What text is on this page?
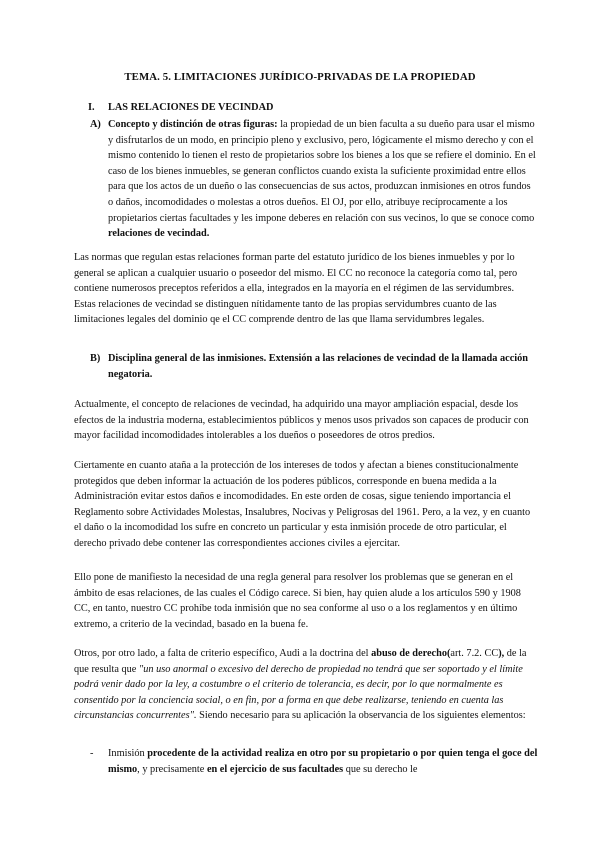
TEMA. 5. LIMITACIONES JURÍDICO-PRIVADAS DE LA PROPIEDAD
I. LAS RELACIONES DE VECINDAD
A) Concepto y distinción de otras figuras: la propiedad de un bien faculta a su dueño para usar el mismo y disfrutarlos de un modo, en principio pleno y exclusivo, pero, lógicamente el mismo derecho y con el mismo contenido lo tienen el resto de propietarios sobre los bienes a los que se refiere el dominio. En el caso de los bienes inmuebles, se generan conflictos cuando exista la suficiente proximidad entre ellos para que los actos de un dueño o las consecuencias de sus actos, produzcan inmisiones en otros fundos o daños, incomodidades o molestas a otros dueños. El OJ, por ello, atribuye recíprocamente a los propietarios ciertas facultades y les impone deberes en relación con sus vecinos, lo que se conoce como relaciones de vecindad.

Las normas que regulan estas relaciones forman parte del estatuto jurídico de los bienes inmuebles y por lo general se aplican a cualquier usuario o poseedor del mismo. El CC no reconoce la categoría como tal, pero contiene numerosos preceptos referidos a ella, integrados en la mayoría en el régimen de las servidumbres. Estas relaciones de vecindad se distinguen nítidamente tanto de las propias servidumbres cuanto de las limitaciones legales del dominio qe el CC comprende dentro de las que llama servidumbres legales.

B) Disciplina general de las inmisiones. Extensión a las relaciones de vecindad de la llamada acción negatoria.

Actualmente, el concepto de relaciones de vecindad, ha adquirido una mayor ampliación espacial, desde los efectos de la industria moderna, establecimientos públicos y menos usos privados son capaces de producir con mayor facilidad incomodidades intolerables a los dueños o poseedores de otros predios.

Ciertamente en cuanto ataña a la protección de los intereses de todos y afectan a bienes constitucionalmente protegidos que deben informar la actuación de los poderes públicos, corresponde en buena medida a la Administración evitar estos daños e incomodidades. En este orden de cosas, sigue teniendo importancia el Reglamento sobre Actividades Molestas, Insalubres, Nocivas y Peligrosas del 1961. Pero, a la vez, y en cuanto el daño o la incomodidad los sufre en concreto un particular y esta inmisión procede de otro particular, el derecho privado debe contener las correspondientes acciones civiles a ejercitar.

Ello pone de manifiesto la necesidad de una regla general para resolver los problemas que se generan en el ámbito de esas relaciones, de las cuales el Código carece. Si bien, hay quien alude a los artículos 590 y 1908 CC, en tanto, nuestro CC prohíbe toda inmisión que no sea conforme al uso o a los reglamentos y en último extremo, a criterio de la vecindad, basado en la buena fe.

Otros, por otro lado, a falta de criterio específico, Audi a la doctrina del abuso de derecho(art. 7.2. CC), de la que resulta que "un uso anormal o excesivo del derecho de propiedad no tendrá que ser soportado y el límite podrá venir dado por la ley, a costumbre o el criterio de tolerancia, es decir, por lo que normalmente es consentido por la conciencia social, o en fin, por a forma en que debe realizarse, teniendo en cuenta las circunstancias concurrentes". Siendo necesario para su aplicación la observancia de los siguientes elementos:

- Inmisión procedente de la actividad realiza en otro por su propietario o por quien tenga el goce del mismo, y precisamente en el ejercicio de sus facultades que su derecho le
